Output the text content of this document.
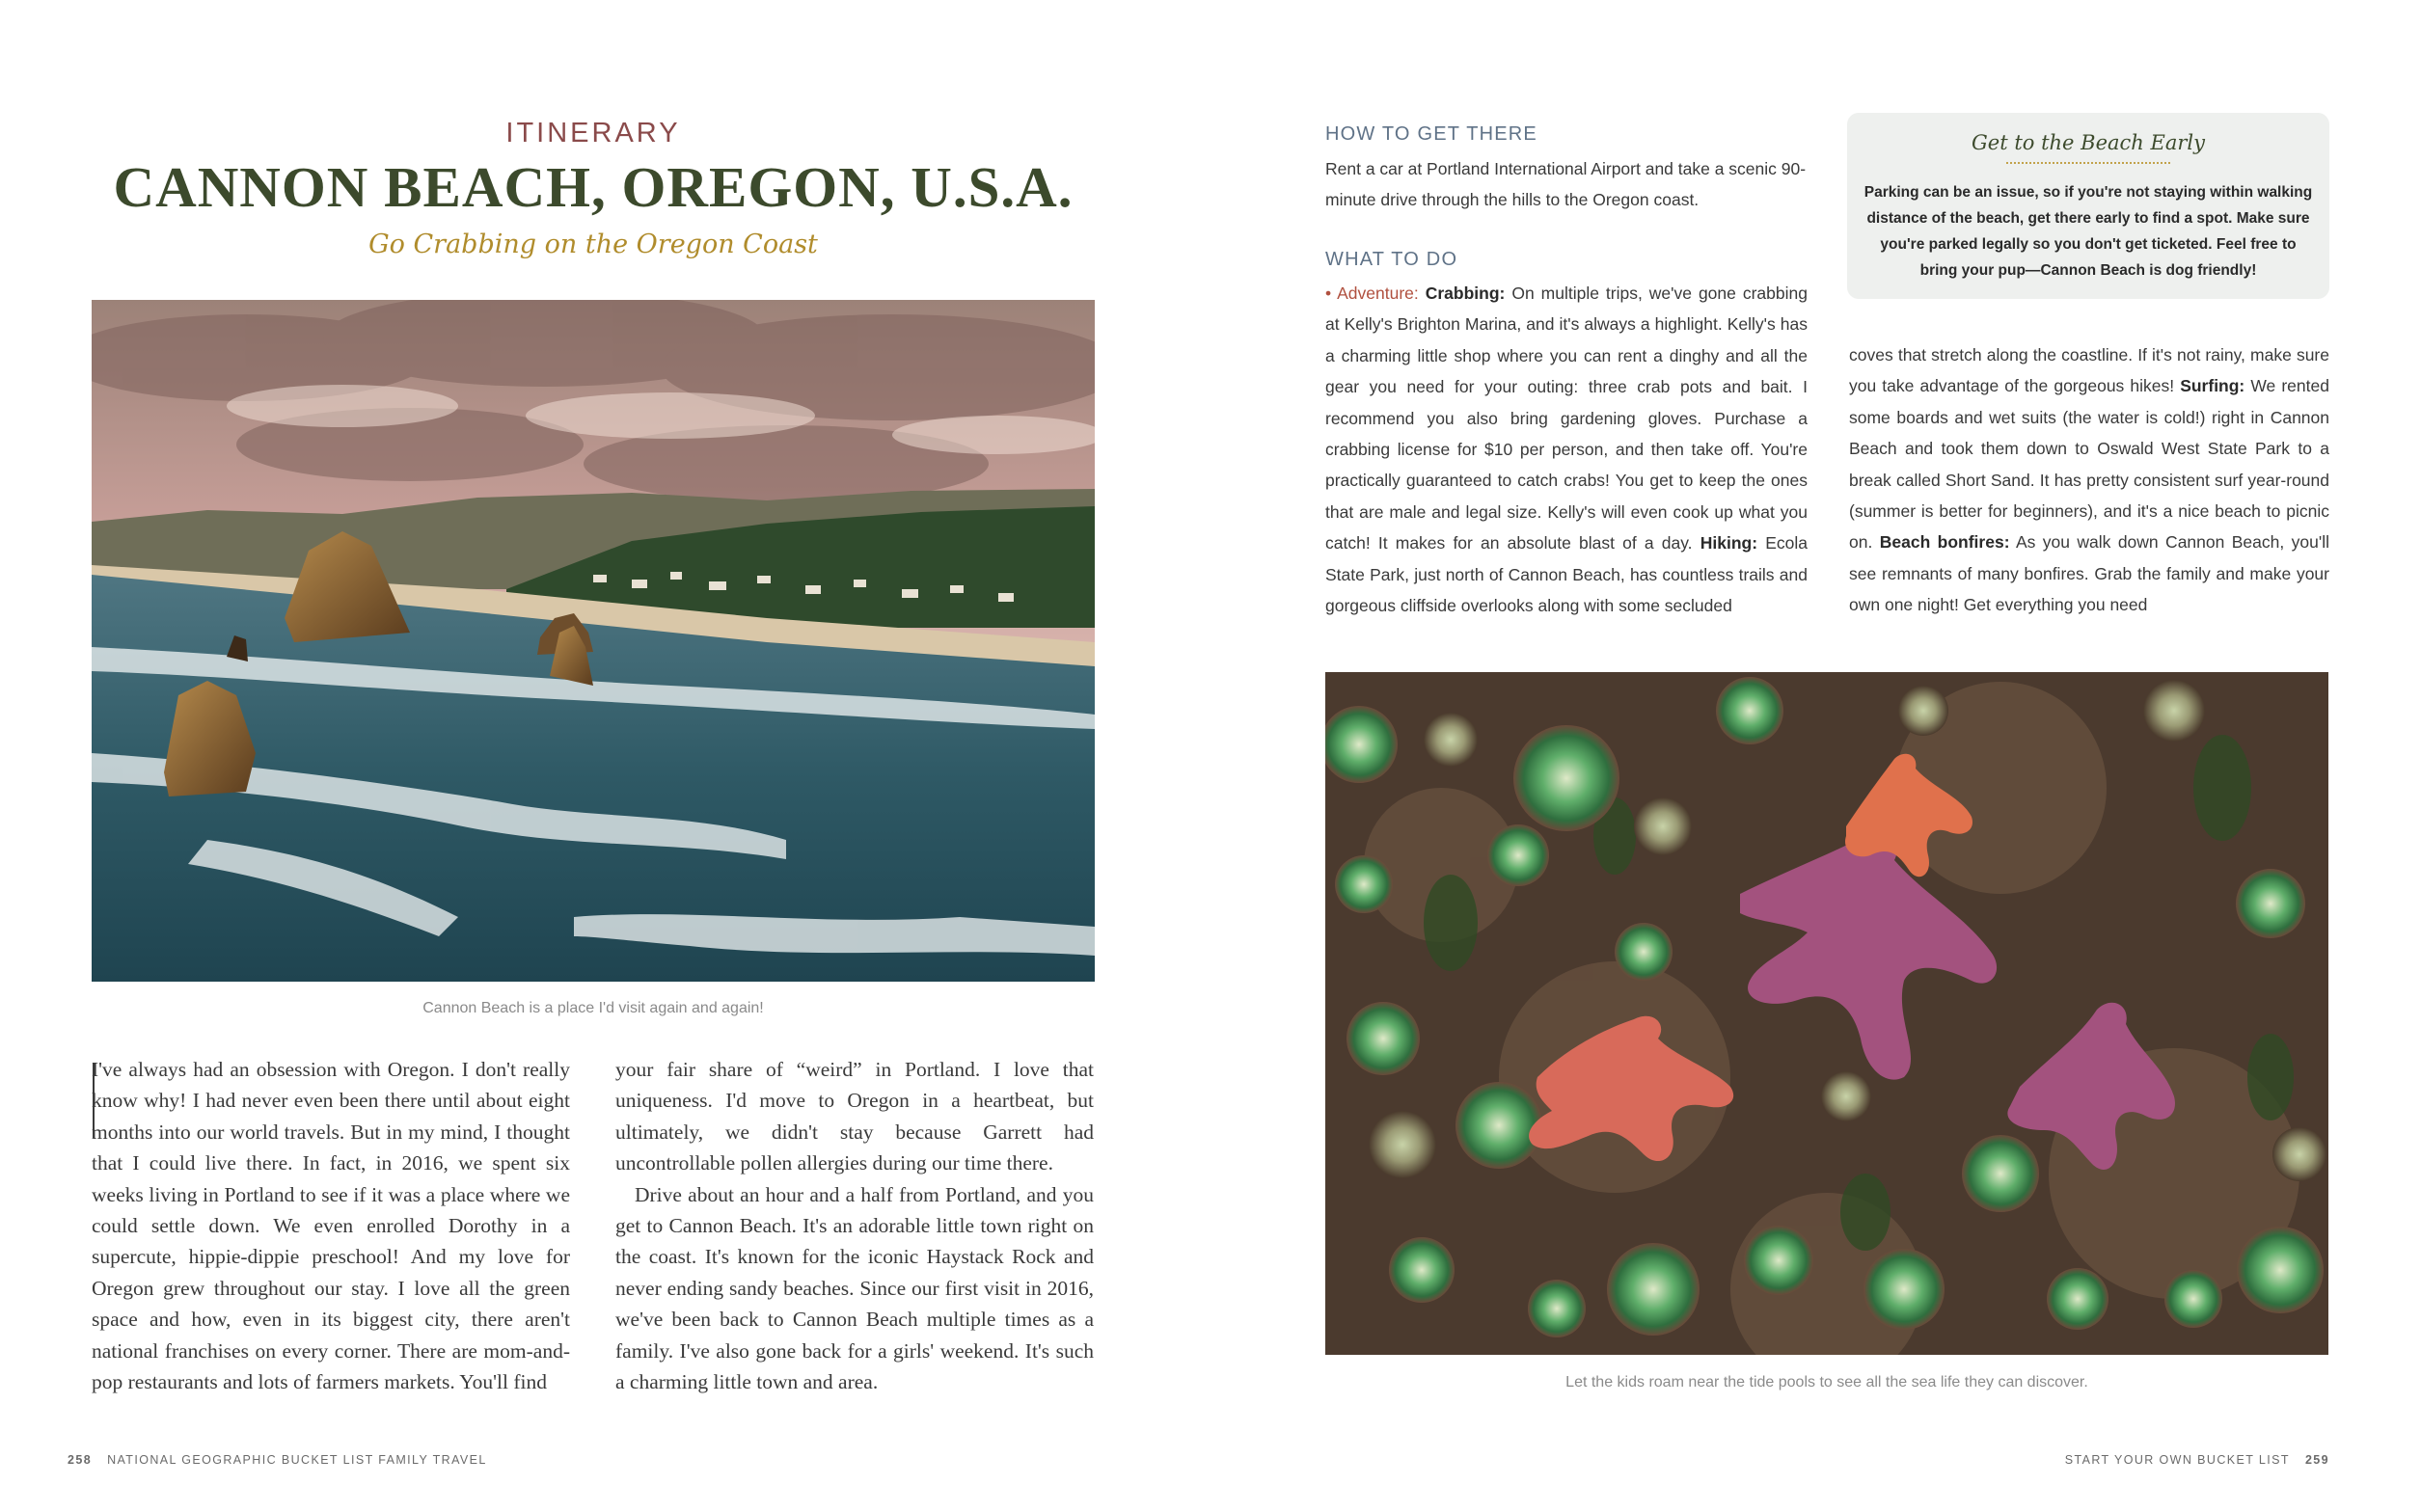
ITINERARY
CANNON BEACH, OREGON, U.S.A.
Go Crabbing on the Oregon Coast
Cannon Beach is a place I'd visit again and again!

I've always had an obsession with Oregon. I don't really know why! I had never even been there until about eight months into our world travels. But in my mind, I thought that I could live there. In fact, in 2016, we spent six weeks living in Portland to see if it was a place where we could settle down. We even enrolled Dorothy in a supercute, hippie-dippie preschool! And my love for Oregon grew throughout our stay. I love all the green space and how, even in its biggest city, there aren't national franchises on every corner. There are mom-and-pop restaurants and lots of farmers markets. You'll find

your fair share of “weird” in Portland. I love that uniqueness. I'd move to Oregon in a heartbeat, but ultimately, we didn't stay because Garrett had uncontrollable pollen allergies during our time there.

Drive about an hour and a half from Portland, and you get to Cannon Beach. It's an adorable little town right on the coast. It's known for the iconic Haystack Rock and never ending sandy beaches. Since our first visit in 2016, we've been back to Cannon Beach multiple times as a family. I've also gone back for a girls' weekend. It's such a charming little town and area.

258 NATIONAL GEOGRAPHIC BUCKET LIST FAMILY TRAVEL
HOW TO GET THERE

Rent a car at Portland International Airport and take a scenic 90-minute drive through the hills to the Oregon coast.

WHAT TO DO

• Adventure: Crabbing: On multiple trips, we've gone crabbing at Kelly's Brighton Marina, and it's always a highlight. Kelly's has a charming little shop where you can rent a dinghy and all the gear you need for your outing: three crab pots and bait. I recommend you also bring gardening gloves. Purchase a crabbing license for $10 per person, and then take off. You're practically guaranteed to catch crabs! You get to keep the ones that are male and legal size. Kelly's will even cook up what you catch! It makes for an absolute blast of a day. Hiking: Ecola State Park, just north of Cannon Beach, has countless trails and gorgeous cliffside overlooks along with some secluded

coves that stretch along the coastline. If it's not rainy, make sure you take advantage of the gorgeous hikes! Surfing: We rented some boards and wet suits (the water is cold!) right in Cannon Beach and took them down to Oswald West State Park to a break called Short Sand. It has pretty consistent surf year-round (summer is better for beginners), and it's a nice beach to picnic on. Beach bonfires: As you walk down Cannon Beach, you'll see remnants of many bonfires. Grab the family and make your own one night! Get everything you need

Get to the Beach Early
Parking can be an issue, so if you're not staying within walking distance of the beach, get there early to find a spot. Make sure you're parked legally so you don't get ticketed. Feel free to bring your pup—Cannon Beach is dog friendly!
Let the kids roam near the tide pools to see all the sea life they can discover.
START YOUR OWN BUCKET LIST 259
